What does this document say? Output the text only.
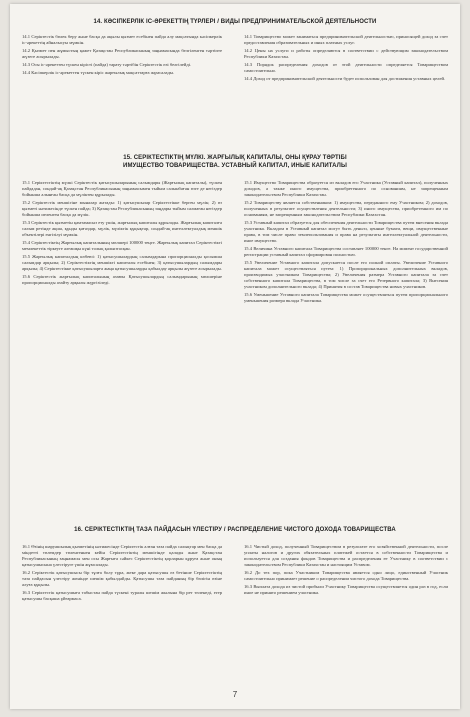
14. КӘСІПКЕРЛІК ІС-ӘРЕКЕТТІҢ ТҮРЛЕРІ / ВИДЫ ПРЕДПРИНИМАТЕЛЬСКОЙ ДЕЯТЕЛЬНОСТИ

14.1 Серіктестік бөлек беру және басқа да ақылы қызмет есебінен пайда алу мақсатында кәсіпкерлік іс-әрекеттің айналысуы мүмкін.

14.2 Қызмет пен жұмыстың қажет Қазақстан Республикасының заңнамасында белгіленген тәртіпте жүзеге асырылады.

14.3 Осы іс-әрекеттен түскен кірісті (пайда) тарату тәртібін Серіктестік өзі белгілейді.

14.4 Кәсіпкерлік іс-әрекеттен түскен кіріс жарғылық мақсаттарға жұмсалады.

14.1 Товарищество может заниматься предпринимательской деятельностью, приносящей доход за счет предоставления образовательных и иных платных услуг.

14.2 Цены на услуги и работы определяются в соответствии с действующим законодательством Республики Казахстан.

14.3 Порядок распределения доходов от этой деятельности определяется Товариществом самостоятельно.

14.4 Доход от предпринимательской деятельности будет использован для достижения уставных целей.

15. СЕРІКТЕСТІКТІҢ МҮЛКІ. ЖАРҒЫЛЫҚ КАПИТАЛЫ, ОНЫ ҚҰРАУ ТӘРТІБІ
ИМУЩЕСТВО ТОВАРИЩЕСТВА. УСТАВНЫЙ КАПИТАЛ, ИНЫЕ КАПИТАЛЫ

15.1 Серіктестіктің мүлкі Серіктестік қатысушыларының салымдары (Жарғылық капиталы), түскен пайдадан, сондай-ақ Қазақстан Республикасының заңнамасымен тыйым салынбаған өзге де негіздер бойынша алынған басқа да мүліктен құрылады.

15.2 Серіктестік меншігіне мыналар жатады: 1) қатысушылар Серіктестікке берген мүлік; 2) өз қызметі нәтижесінде түскен пайда; 3) Қазақстан Республикасының заңдары тыйым салмаған негіздер бойынша иеленген басқа да мүлік.

15.3 Серіктестік қызметін қамтамасыз ету үшін, жарғылық капиталы құрылады. Жарғылық капиталға салым ретінде ақша, құнды қағаздар, мүлік, мүліктік құқықтар, сондай-ақ интеллектуалдық меншік объектілері енгізілуі мүмкін.

15.4 Серіктестіктің Жарғылық капиталының мөлшері 100000 теңге. Жарғылық капитал Серіктестікті мемлекеттік тіркеуге алғашқы күні толық қалыптасқан.

15.5 Жарғылық капиталдың көбеюі: 1) қатысушылардың салымдарына пропорционалды қосымша салымдар арқылы; 2) Серіктестіктің меншікті капиталы есебінен; 3) қатысушылардың салымдары арқылы; 4) Серіктестікке қатысушыларға жаңа қатысушыларды қабылдау арқылы жүзеге асырылады.

15.6 Серіктестік жарғылық капиталының азаюы Қатысушылардың салымдарының мөлшеріне пропорционалды азайту арқылы жүргізіледі.

15.1 Имущество Товарищества образуется из вкладов его Участника (Уставный капитал), полученных доходов, а также иного имущества, приобретенного по основаниям, не запрещенным законодательством Республики Казахстан.

15.2 Товариществу является собственником: 1) имущества, переданного ему Участником; 2) доходов, полученных в результате осуществления деятельности; 3) иного имущества, приобретенного им по основаниям, не запрещенным законодательством Республики Казахстан.

15.3 Уставный капитал образуется для обеспечения деятельности Товарищества путем внесения вклада участника. Вкладом в Уставный капитал могут быть деньги, ценные бумаги, вещи, имущественные права, в том числе право землепользования и права на результаты интеллектуальной деятельности, иное имущество.

15.4 Величина Уставного капитала Товарищества составляет 100000 тенге. На момент государственной регистрации уставный капитал сформирован полностью.

15.5 Увеличение Уставного капитала допускается после его полной оплаты. Увеличение Уставного капитала может осуществляться путем: 1) Пропорциональных дополнительных вкладов, производимых участником Товарищества; 2) Увеличения размера Уставного капитала за счет собственного капитала Товарищества, в том числе за счет его Резервного капитала; 3) Внесения участником дополнительного вклада; 4) Принятия в состав Товарищества новых участников.

15.6 Уменьшение Уставного капитала Товарищества может осуществляться путем пропорционального уменьшения размера вклада Участника.

16. СЕРІКТЕСТІКТІҢ ТАЗА ПАЙДАСЫН ҮЛЕСТІРУ / РАСПРЕДЕЛЕНИЕ ЧИСТОГО ДОХОДА ТОВАРИЩЕСТВА

16.1 Өзінің шаруашылық қызметінің нәтижесінде Серіктестік алған таза пайда салықтар мен басқа да міндетті төлемдер төленгеннен кейін Серіктестіктің меншігінде қалады және Қазақстан Республикасының заңнамасы мен осы Жарғыға сәйкес Серіктестіктің қорларын құруға және оның қатысушысына үлестіруге үшін жұмсалады.

16.2 Серіктестік қатысушысы бір тұлға болу тұра, жеке дара қатысушы өз бетінше Серіктестіктің таза пайдасын үлестіру жөнінде шешім қабылдайды. Қатысушы таза пайданың бір бөлігін өзіне алуға құқылы.

16.3 Серіктестік қатысушыға табыстан пайда түскені туралы шешім жылына бір рет төленеді, егер қатысушы басқаша ұйғармаса.

16.1 Чистый доход, полученный Товариществом в результате его хозяйственной деятельности, после уплаты налогов и других обязательных платежей остается в собственности Товарищества и используется для создания фондов Товарищества и распределения ее Участнику в соответствии с законодательством Республики Казахстан и настоящим Уставом.

16.2 До тех пор, пока Участником Товарищества является одно лицо, единственный Участник самостоятельно принимает решение о распределении чистого дохода Товарищества.

16.3 Выплата дохода из чистой прибыли Участнику Товарищества осуществляется один раз в год, если иное не принято решением участника.

7
